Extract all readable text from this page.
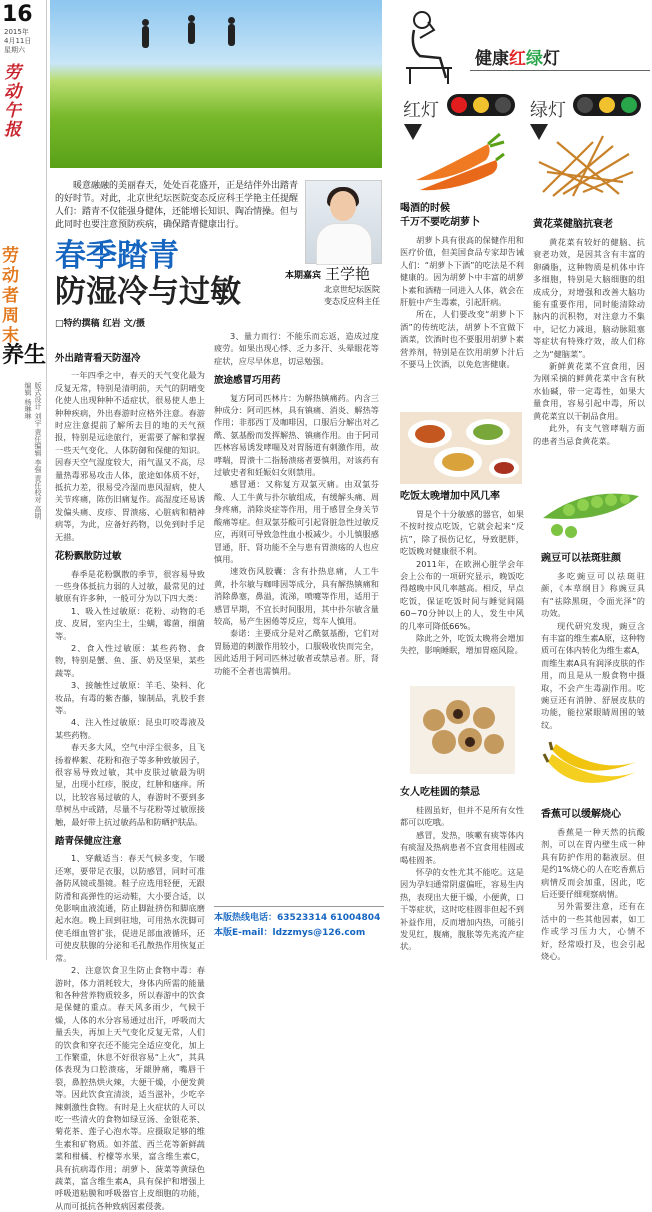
16
2015年
4月11日
星期六
劳动午报
劳动者周末
养生
版式设计 刘宇 责任编辑 李强 责任校对 高明 编辑 杨琳琳
暖意融融的美丽春天，处处百花盛开，正是结伴外出踏青的好时节。对此，北京世纪坛医院变态反应科王学艳主任提醒人们：踏青不仅能强身健体，还能增长知识、陶冶情操。但与此同时也要注意预防疾病，确保踏青健康出行。
春季踏青
防湿冷与过敏
□特约撰稿 红岩 文/摄
本期嘉宾 王学艳
北京世纪坛医院
变态反应科主任

外出踏青看天防湿冷

一年四季之中，春天的天气变化最为反复无常，特别是清明前，天气的阴晴变化使人出现种种不适症状，很易使人患上种种疾病，外出春游时应格外注意。春游时应注意提前了解所去目的地的天气预报，特别是远途旅行，更需要了解和掌握一些天气变化、人体防御和保健的知识。因春天空气湿度较大，雨气温又不高，尽量热毒邪易攻击人体，旅途如体质不好，抵抗力差，很易受冷湿而患风湿病，使人关节疼痛，陈伤旧痛复作。高湿度还易诱发偏头痛、皮疹、胃溃疡、心脏病和精神病等，为此，应备好药物，以免到时手足无措。

花粉飘散防过敏

春季是花粉飘散的季节，很容易导致一些身体抵抗力弱的人过敏，最常见的过敏原有许多种，一般可分为以下四大类：

1、吸入性过敏原：花粉、动物的毛皮、皮屑，室内尘土，尘螨，霉菌，细菌等。

2、食入性过敏原：某些药物、食物，特别是蟹、鱼、蛋、奶及坚果，某些蔬等。

3、接触性过敏原：羊毛、染料、化妆品，有毒的紫杏藤，镍制品，乳胶手套等。

4、注入性过敏原：昆虫叮咬毒液及某些药物。

春天多大风，空气中浮尘很多，且飞扬着桦絮、花粉和孢子等多种致敏因子，很容易导致过敏，其中皮肤过敏最为明显，出现小红疹，脱皮，红肿和瘙痒。所以，比较容易过敏的人，春游时不要到多草树丛中或踏，尽量不与花粉等过敏原接触，最好带上抗过敏药品和防晒护肤品。

踏青保健应注意

1、穿戴适当：春天气候多变，乍暖还寒，要带足衣服，以防感冒，同时可准备防风镜或墨镜。鞋子应选用轻便，无跟防滑和高弹性的运动鞋，大小要合适，以免影响血液流通，防止脚趾挤伤和脚底磨起水泡。晚上回到驻地，可用热水洗脚可使毛细血管扩张，促进足部血液循环，还可使皮肤腺的分泌和毛孔散热作用恢复正常。

2、注意饮食卫生防止食物中毒：春游时，体力消耗较大，身体内所需的能量和各种营养物质较多，所以春游中的饮食是保健的重点。春天风多雨少，气候干燥，人体的水分容易通过出汗，呼吸而大量丢失，再加上天气变化反复无常，人们的饮食和穿衣还不能完全适应变化，加上工作繁重，休息不好很容易“上火”，其具体表现为口腔溃疡，牙龈肿痛，嘴唇干裂，鼻腔热烘火辣，大便干燥，小便发黄等。因此饮食宜清淡，适当滋补，少吃辛辣刺激性食物。有时是上火症状的人可以吃一些清火的食物如绿豆汤、金银花茶、菊花茶、莲子心泡水等。应摄取足够的维生素和矿物质。如芥蓝、西兰花等新鲜蔬菜和柑橘、柠檬等水果，富含维生素C，具有抗病毒作用；胡萝卜、菠菜等黄绿色蔬菜，富含维生素A，具有保护和增强上呼吸道粘膜和呼吸器官上皮细胞的功能，从而可抵抗各种致病因素侵袭。

3、量力而行：不能乐而忘返，造成过度疲劳。如果出现心悸、乏力多汗、头晕眼花等症状，应尽早休息，切忌勉强。

旅途感冒巧用药

复方阿司匹林片：为解热镇痛药。内含三种成分：阿司匹林，具有镇痛、消炎、解热等作用；非那西丁及咖啡因，口服后分解出对乙酰、氨基酚而发挥解热、镇痛作用。由于阿司匹林容易诱发哮喘及对胃肠道有刺激作用，故哮喘，胃溃十二指肠溃疡者要慎用，对该药有过敏史者和妊娠妇女则禁用。

感冒通：又称复方双氯灭痛。由双氯芬酸、人工牛黄与扑尔敏组成，有缓解头痛、周身疼痛，消除炎症等作用，用于感冒全身关节酸痛等症。但双氯芬酸可引起肾脏急性过敏反应，再则可导致急性血小板减少。小儿慎服感冒通，肝、肾功能不全与患有胃溃疡的人也应慎用。

速效伤风胶囊：含有扑热息痛，人工牛黄，扑尔敏与咖啡因等成分，具有解热镇痛和消除鼻塞，鼻溢，流涕，喷嚏等作用，适用于感冒早期，不宜长时间服用，其中扑尔敏含量较高，易产生困倦等反应，驾车人慎用。

泰诺：主要成分是对乙酰氨基酚，它们对胃肠道的刺激作用较小，口服吸收快而完全，因此适用于阿司匹林过敏者或禁忌者。肝，肾功能不全者也需慎用。

本版热线电话：63523314 61004804
本版E-mail：ldzzmys@126.com
健康红绿灯
红灯	绿灯
喝酒的时候
千万不要吃胡萝卜

胡萝卜具有很高的保健作用和医疗价值，但美国食品专家却告诫人们：“胡萝卜下酒”的吃法是不利健康的。因为胡萝卜中丰富的胡萝卜素和酒精一同进入人体，就会在肝脏中产生毒素，引起肝病。

所在，人们要改变“胡萝卜下酒”的传统吃法，胡萝卜不宜做下酒菜，饮酒时也不要服用胡萝卜素营养剂，特别是在饮用胡萝卜汁后不要马上饮酒，以免危害健康。

吃饭太晚增加中风几率

胃是个十分敏感的器官，如果不按时按点吃饭，它就会起来“反抗”，除了损伤记忆，导致肥胖，吃饭晚对健康很不利。

2011年，在欧洲心脏学会年会上公布的一项研究显示，晚饭吃得越晚中风几率越高。相反，早点吃饭，保证吃饭时间与睡觉间隔60~70分钟以上的人，发生中风的几率可降低66%。

除此之外，吃饭太晚将会增加失控，影响睡眠，增加胃癌风险。

女人吃桂圆的禁忌

桂圆虽好，但并不是所有女性都可以吃哦。

感冒，发热，咳嗽有痰等体内有痰湿及热病患者不宜食用桂圆或喝桂圆茶。

怀孕的女性尤其不能吃。这是因为孕妇通常阴虚偏旺，容易生内热，表现出大便干燥，小便黄，口干等症状，这时吃桂圆非但起不到补益作用，反而增加内热，可能引发见红，腹痛，腹胀等先兆流产症状。

黄花菜健脑抗衰老

黄花菜有较好的健脑、抗衰老功效，是因其含有丰富的卵磷脂，这种物质是机体中许多细胞，特别是大脑细胞的组成成分，对增强和改善大脑功能有重要作用，同时能清除动脉内的沉积物，对注意力不集中，记忆力减退，脑动脉阻塞等症状有特殊疗效，故人们称之为“健脑菜”。

新鲜黄花菜不宜食用，因为刚采摘的鲜黄花菜中含有秋水仙碱，带一定毒性，如果大量食用，容易引起中毒，所以黄花菜宜以干制品食用。

此外，有支气管哮喘方面的患者当忌食黄花菜。

豌豆可以祛斑驻颜

多吃豌豆可以祛斑驻颜，《本草纲目》称豌豆具有“祛除黑斑，令面光泽”的功效。

现代研究发现，豌豆含有丰富的维生素A原，这种物质可在体内转化为维生素A，而维生素A具有润泽皮肤的作用，而且是从一般食物中摄取，不会产生毒副作用。吃豌豆还有消肿、舒展皮肤的功能，能拉紧眼睛周围的皱纹。

香蕉可以缓解烧心

香蕉是一种天然的抗酸剂，可以在胃内壁生成一种具有防护作用的黏液层。但是约1%烧心的人在吃香蕉后病情反而会加重，因此，吃后还要仔细观察病情。

另外需要注意，还有在活中的一些其他因素，如工作或学习压力大，心情不好，经常殴打及，也会引起烧心。
